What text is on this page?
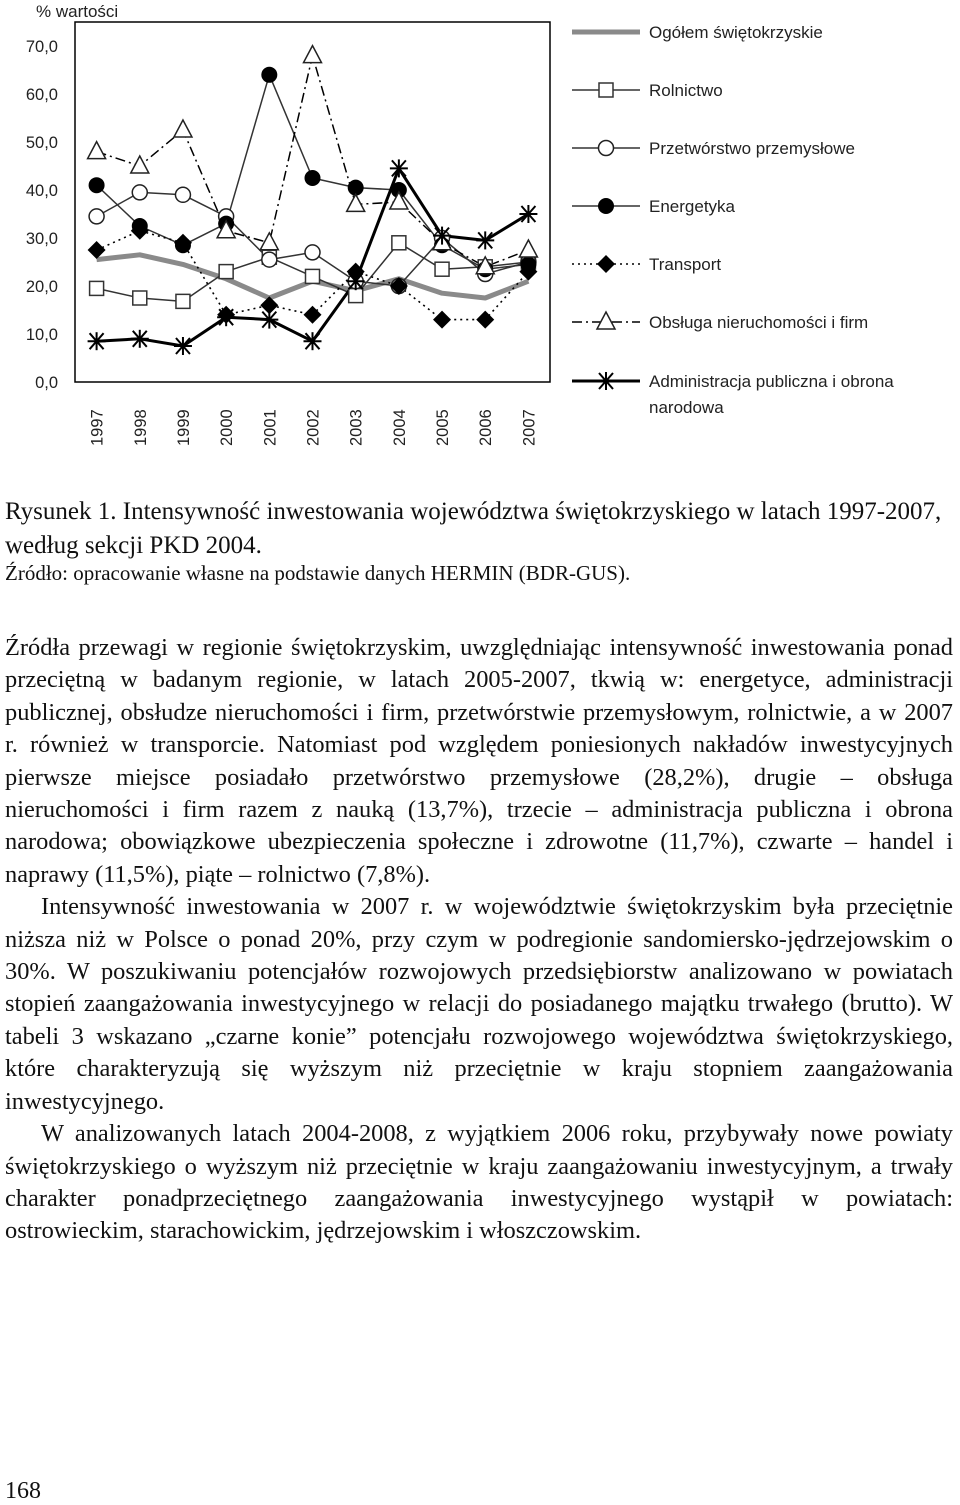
% wartości
70,0
60,0
50,0
40,0
30,0
20,0
10,0
0,0
1997 1998 1999 2000 2001 2002 2003 2004 2005 2006 2007
Ogółem świętokrzyskie
Rolnictwo
Przetwórstwo przemysłowe
Energetyka
Transport
Obsługa nieruchomości i firm
Administracja publiczna i obrona narodowa
Rysunek 1. Intensywność inwestowania województwa świętokrzyskiego w latach 1997-2007, według sekcji PKD 2004.
Źródło: opracowanie własne na podstawie danych HERMIN (BDR-GUS).

Źródła przewagi w regionie świętokrzyskim, uwzględniając intensywność inwestowania ponad przeciętną w badanym regionie, w latach 2005-2007, tkwią w: energetyce, administracji publicznej, obsłudze nieruchomości i firm, przetwórstwie przemysłowym, rolnictwie, a w 2007 r. również w transporcie. Natomiast pod względem poniesionych nakładów inwestycyjnych pierwsze miejsce posiadało przetwórstwo przemysłowe (28,2%), drugie – obsługa nieruchomości i firm razem z nauką (13,7%), trzecie – administracja publiczna i obrona narodowa; obowiązkowe ubezpieczenia społeczne i zdrowotne (11,7%), czwarte – handel i naprawy (11,5%), piąte – rolnictwo (7,8%).

Intensywność inwestowania w 2007 r. w województwie świętokrzyskim była przeciętnie niższa niż w Polsce o ponad 20%, przy czym w podregionie sandomiersko-jędrzejowskim o 30%. W poszukiwaniu potencjałów rozwojowych przedsiębiorstw analizowano w powiatach stopień zaangażowania inwestycyjnego w relacji do posiadanego majątku trwałego (brutto). W tabeli 3 wskazano „czarne konie” potencjału rozwojowego województwa świętokrzyskiego, które charakteryzują się wyższym niż przeciętnie w kraju stopniem zaangażowania inwestycyjnego.

W analizowanych latach 2004-2008, z wyjątkiem 2006 roku, przybywały nowe powiaty świętokrzyskiego o wyższym niż przeciętnie w kraju zaangażowaniu inwestycyjnym, a trwały charakter ponadprzeciętnego zaangażowania inwestycyjnego wystąpił w powiatach: ostrowieckim, starachowickim, jędrzejowskim i włoszczowskim.

168
